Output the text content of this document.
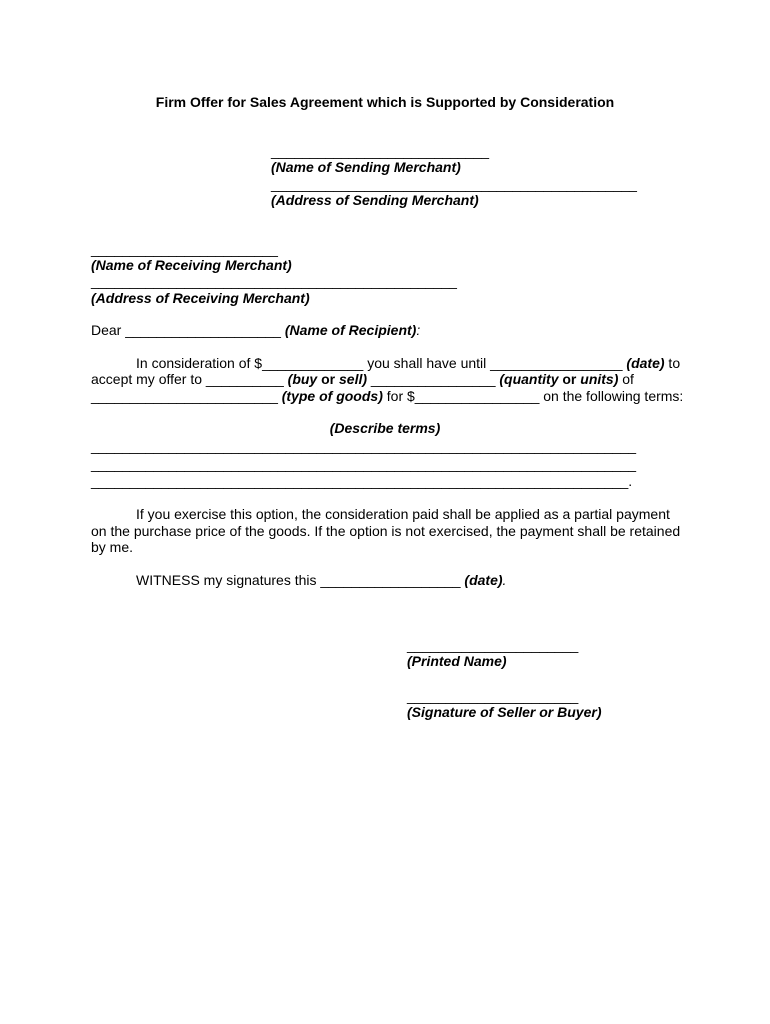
Firm Offer for Sales Agreement which is Supported by Consideration
____________________________
(Name of Sending Merchant)
_______________________________________________
(Address of Sending Merchant)
________________________
(Name of Receiving Merchant)
_______________________________________________
(Address of Receiving Merchant)
Dear ____________________ (Name of Recipient):
In consideration of $_____________ you shall have until _________________ (date) to
accept my offer to __________ (buy or sell) ________________ (quantity or units) of
________________________ (type of goods) for $________________ on the following terms:
(Describe terms)
______________________________________________________________________
______________________________________________________________________
_____________________________________________________________________.
If you exercise this option, the consideration paid shall be applied as a partial payment
on the purchase price of the goods. If the option is not exercised, the payment shall be retained
by me.
WITNESS my signatures this __________________ (date).
______________________
(Printed Name)
______________________
(Signature of Seller or Buyer)
